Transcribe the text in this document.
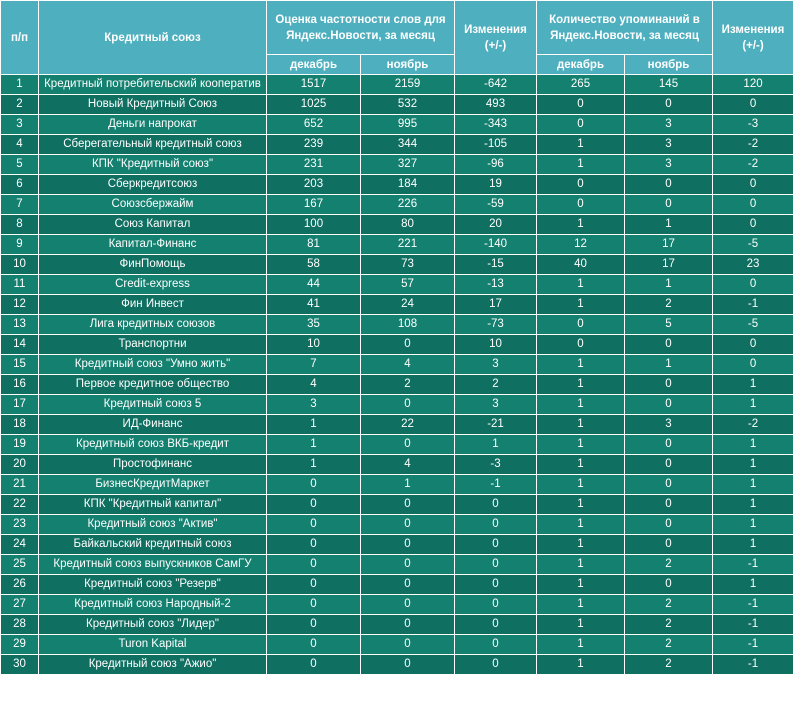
п/п	Кредитный союз	Оценка частотности слов для Яндекс.Новости, за месяц		Изменения (+/-)	Количество упоминаний в Яндекс.Новости, за месяц		Изменения (+/-)
		декабрь	ноябрь		декабрь	ноябрь	
1	Кредитный потребительский кооператив	1517	2159	-642	265	145	120
2	Новый Кредитный Союз	1025	532	493	0	0	0
3	Деньги напрокат	652	995	-343	0	3	-3
4	Сберегательный кредитный союз	239	344	-105	1	3	-2
5	КПК "Кредитный союз"	231	327	-96	1	3	-2
6	Сберкредитсоюз	203	184	19	0	0	0
7	Союзсбержайм	167	226	-59	0	0	0
8	Союз Капитал	100	80	20	1	1	0
9	Капитал-Финанс	81	221	-140	12	17	-5
10	ФинПомощь	58	73	-15	40	17	23
11	Credit-express	44	57	-13	1	1	0
12	Фин Инвест	41	24	17	1	2	-1
13	Лига кредитных союзов	35	108	-73	0	5	-5
14	Транспортни	10	0	10	0	0	0
15	Кредитный союз "Умно жить"	7	4	3	1	1	0
16	Первое кредитное общество	4	2	2	1	0	1
17	Кредитный союз 5	3	0	3	1	0	1
18	ИД-Финанс	1	22	-21	1	3	-2
19	Кредитный союз ВКБ-кредит	1	0	1	1	0	1
20	Простофинанс	1	4	-3	1	0	1
21	БизнесКредитМаркет	0	1	-1	1	0	1
22	КПК "Кредитный капитал"	0	0	0	1	0	1
23	Кредитный союз "Актив"	0	0	0	1	0	1
24	Байкальский кредитный союз	0	0	0	1	0	1
25	Кредитный союз выпускников СамГУ	0	0	0	1	2	-1
26	Кредитный союз "Резерв"	0	0	0	1	0	1
27	Кредитный союз Народный-2	0	0	0	1	2	-1
28	Кредитный союз "Лидер"	0	0	0	1	2	-1
29	Turon Kapital	0	0	0	1	2	-1
30	Кредитный союз "Ажио"	0	0	0	1	2	-1
